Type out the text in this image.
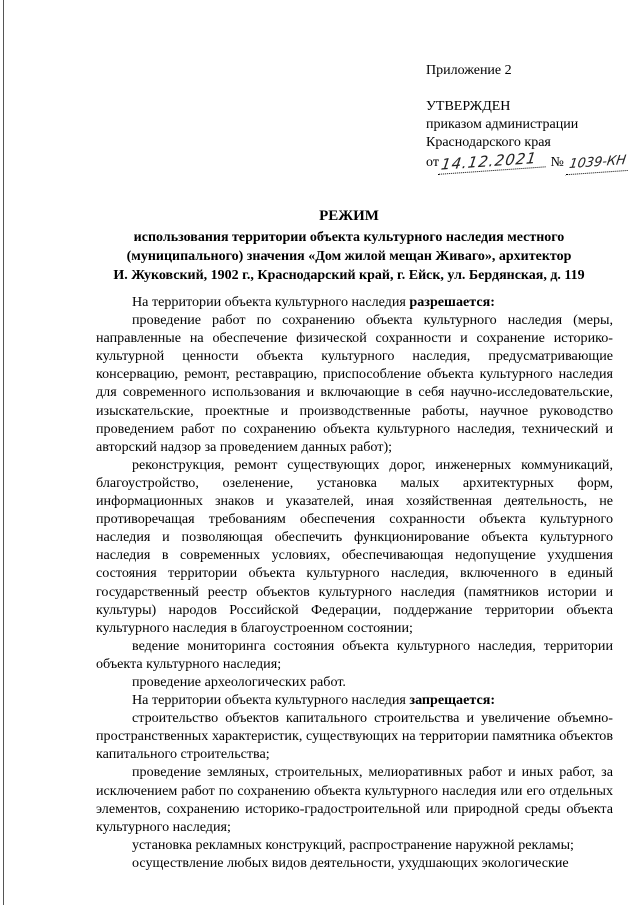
Приложение 2
УТВЕРЖДЕН
приказом администрации
Краснодарского края
от14.12.2021 № 1039-КН
РЕЖИМ
использования территории объекта культурного наследия местного
(муниципального) значения «Дом жилой мещан Живаго», архитектор
И. Жуковский, 1902 г., Краснодарский край, г. Ейск, ул. Бердянская, д. 119

На территории объекта культурного наследия разрешается:

проведение работ по сохранению объекта культурного наследия (меры, направленные на обеспечение физической сохранности и сохранение историко-культурной ценности объекта культурного наследия, предусматривающие консервацию, ремонт, реставрацию, приспособление объекта культурного наследия для современного использования и включающие в себя научно-исследовательские, изыскательские, проектные и производственные работы, научное руководство проведением работ по сохранению объекта культурного наследия, технический и авторский надзор за проведением данных работ);

реконструкция, ремонт существующих дорог, инженерных коммуникаций, благоустройство, озеленение, установка малых архитектурных форм, информационных знаков и указателей, иная хозяйственная деятельность, не противоречащая требованиям обеспечения сохранности объекта культурного наследия и позволяющая обеспечить функционирование объекта культурного наследия в современных условиях, обеспечивающая недопущение ухудшения состояния территории объекта культурного наследия, включенного в единый государственный реестр объектов культурного наследия (памятников истории и культуры) народов Российской Федерации, поддержание территории объекта культурного наследия в благоустроенном состоянии;

ведение мониторинга состояния объекта культурного наследия, территории объекта культурного наследия;

проведение археологических работ.

На территории объекта культурного наследия запрещается:

строительство объектов капитального строительства и увеличение объемно-пространственных характеристик, существующих на территории памятника объектов капитального строительства;

проведение земляных, строительных, мелиоративных работ и иных работ, за исключением работ по сохранению объекта культурного наследия или его отдельных элементов, сохранению историко-градостроительной или природной среды объекта культурного наследия;

установка рекламных конструкций, распространение наружной рекламы;

осуществление любых видов деятельности, ухудшающих экологические
